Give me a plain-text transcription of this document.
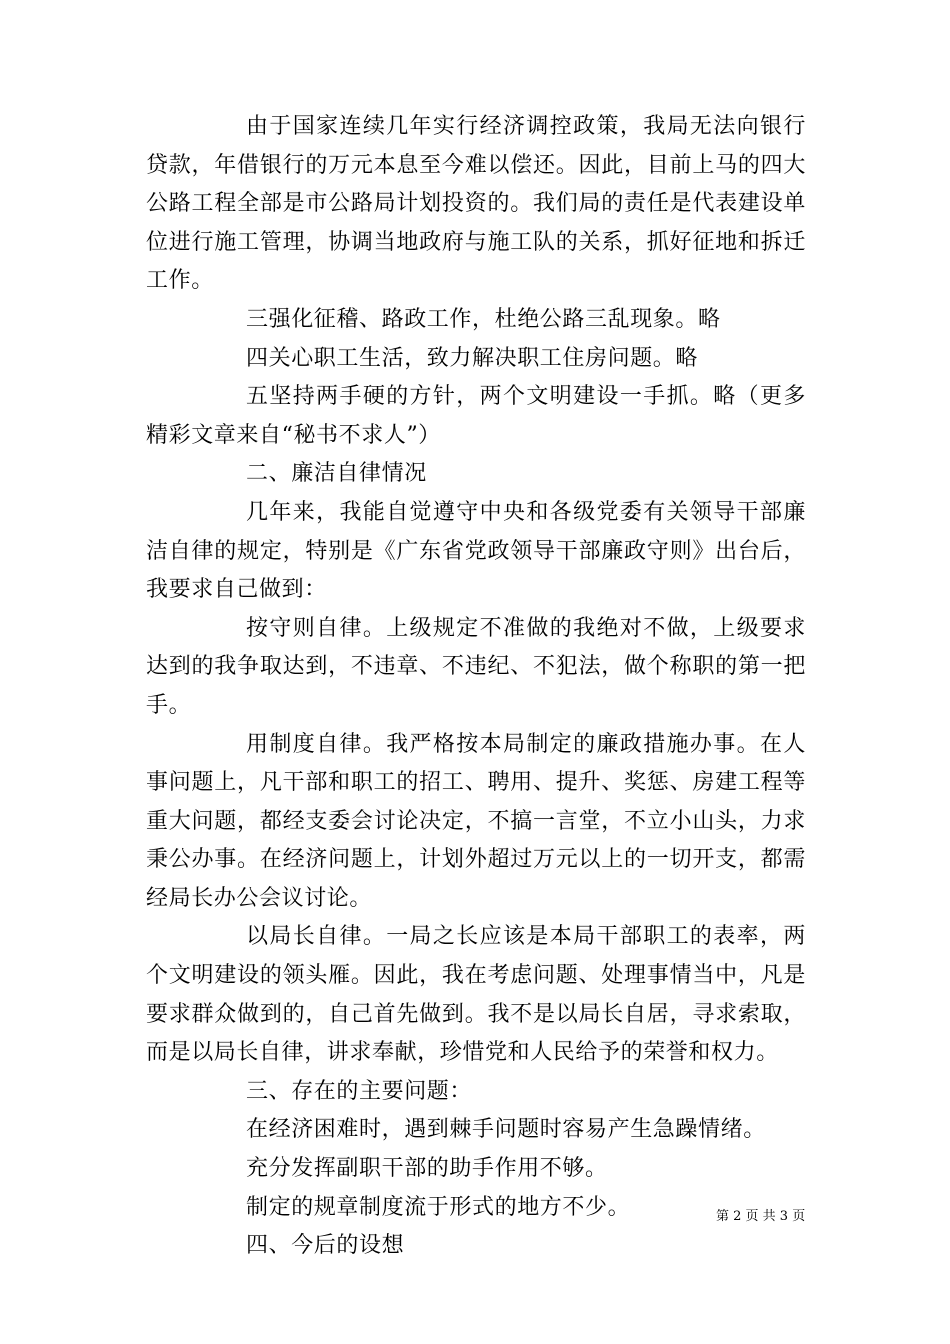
由于国家连续几年实行经济调控政策，我局无法向银行贷款，年借银行的万元本息至今难以偿还。因此，目前上马的四大公路工程全部是市公路局计划投资的。我们局的责任是代表建设单位进行施工管理，协调当地政府与施工队的关系，抓好征地和拆迁工作。

三强化征稽、路政工作，杜绝公路三乱现象。略

四关心职工生活，致力解决职工住房问题。略

五坚持两手硬的方针，两个文明建设一手抓。略（更多精彩文章来自“秘书不求人”）

二、廉洁自律情况

几年来，我能自觉遵守中央和各级党委有关领导干部廉洁自律的规定，特别是《广东省党政领导干部廉政守则》出台后，我要求自己做到：

按守则自律。上级规定不准做的我绝对不做，上级要求达到的我争取达到，不违章、不违纪、不犯法，做个称职的第一把手。

用制度自律。我严格按本局制定的廉政措施办事。在人事问题上，凡干部和职工的招工、聘用、提升、奖惩、房建工程等重大问题，都经支委会讨论决定，不搞一言堂，不立小山头，力求秉公办事。在经济问题上，计划外超过万元以上的一切开支，都需经局长办公会议讨论。

以局长自律。一局之长应该是本局干部职工的表率，两个文明建设的领头雁。因此，我在考虑问题、处理事情当中，凡是要求群众做到的，自己首先做到。我不是以局长自居，寻求索取，而是以局长自律，讲求奉献，珍惜党和人民给予的荣誉和权力。

三、存在的主要问题：

在经济困难时，遇到棘手问题时容易产生急躁情绪。

充分发挥副职干部的助手作用不够。

制定的规章制度流于形式的地方不少。

四、今后的设想

第 2 页 共 3 页
